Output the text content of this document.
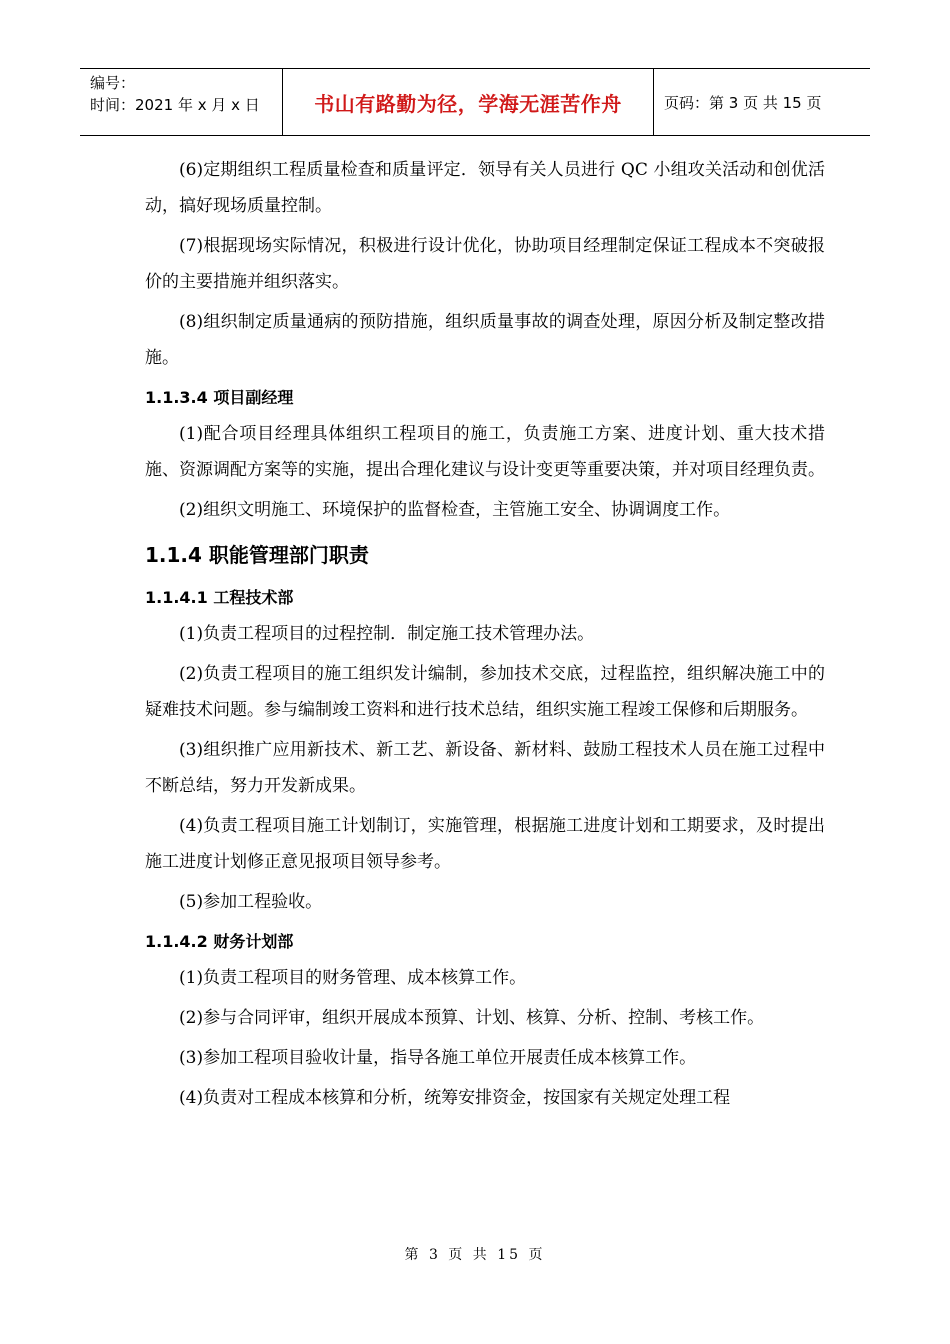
编号：
时间：2021 年 x 月 x 日	书山有路勤为径，学海无涯苦作舟	页码：第 3 页 共 15 页

(6)定期组织工程质量检查和质量评定．领导有关人员进行 QC 小组攻关活动和创优活动，搞好现场质量控制。

(7)根据现场实际情况，积极进行设计优化，协助项目经理制定保证工程成本不突破报价的主要措施并组织落实。

(8)组织制定质量通病的预防措施，组织质量事故的调查处理，原因分析及制定整改措施。

1.1.3.4 项目副经理

(1)配合项目经理具体组织工程项目的施工，负责施工方案、进度计划、重大技术措施、资源调配方案等的实施，提出合理化建议与设计变更等重要决策，并对项目经理负责。

(2)组织文明施工、环境保护的监督检查，主管施工安全、协调调度工作。

1.1.4 职能管理部门职责
1.1.4.1 工程技术部

(1)负责工程项目的过程控制．制定施工技术管理办法。

(2)负责工程项目的施工组织发计编制，参加技术交底，过程监控，组织解决施工中的疑难技术问题。参与编制竣工资料和进行技术总结，组织实施工程竣工保修和后期服务。

(3)组织推广应用新技术、新工艺、新设备、新材料、鼓励工程技术人员在施工过程中不断总结，努力开发新成果。

(4)负责工程项目施工计划制订，实施管理，根据施工进度计划和工期要求，及时提出施工进度计划修正意见报项目领导参考。

(5)参加工程验收。

1.1.4.2 财务计划部

(1)负责工程项目的财务管理、成本核算工作。

(2)参与合同评审，组织开展成本预算、计划、核算、分析、控制、考核工作。

(3)参加工程项目验收计量，指导各施工单位开展责任成本核算工作。

(4)负责对工程成本核算和分析，统筹安排资金，按国家有关规定处理工程

第 3 页 共 15 页
